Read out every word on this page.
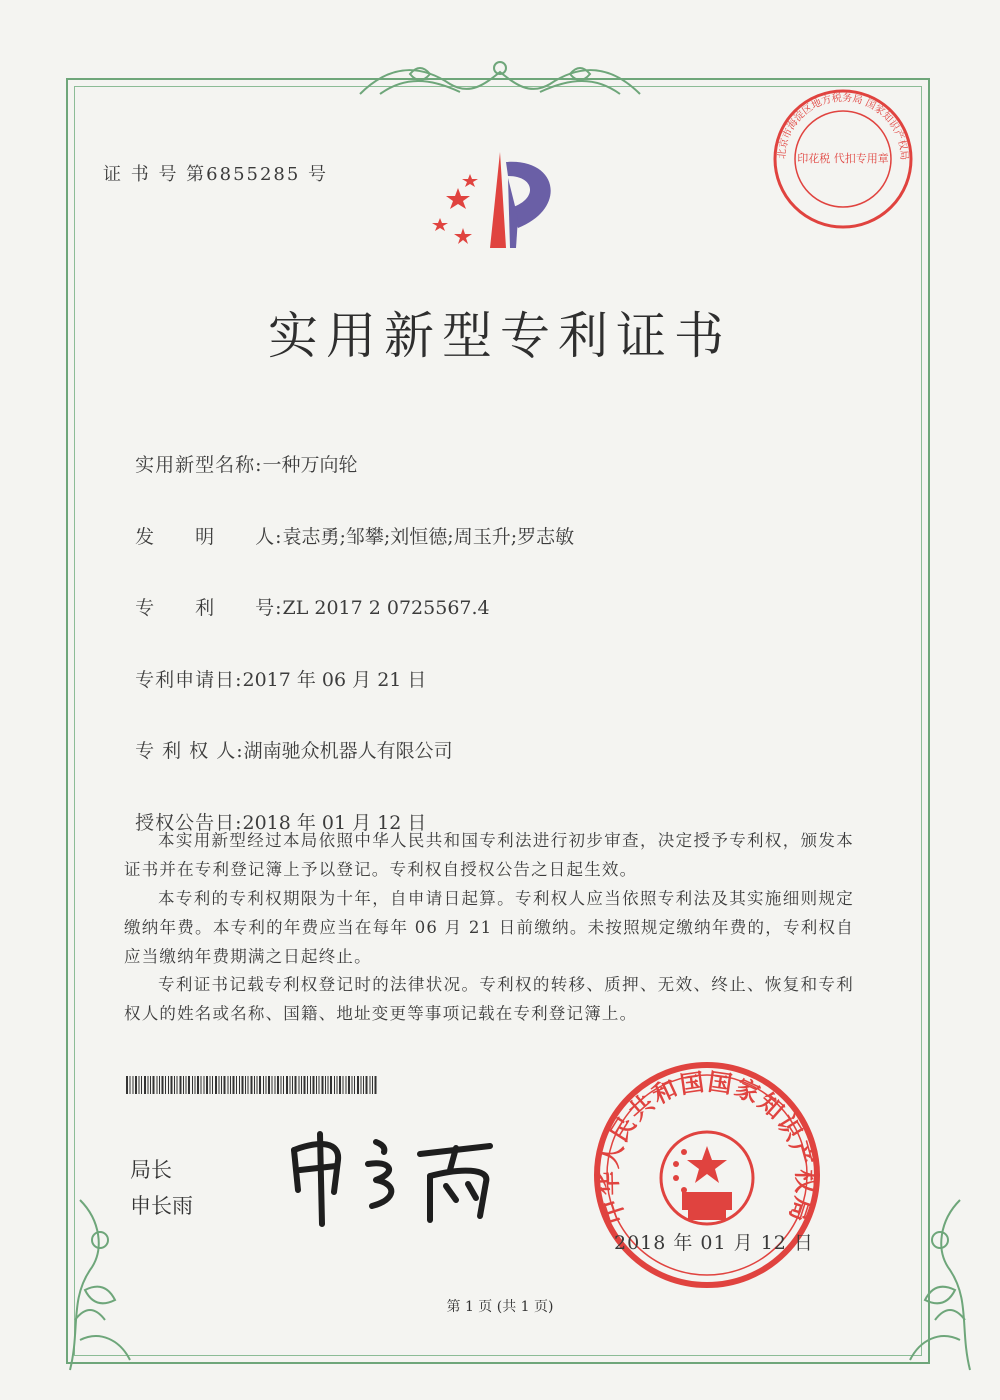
证 书 号 第6855285 号
北京市海淀区地方税务局 国家知识产权局
印花税 代扣专用章
实用新型专利证书

实用新型名称:一种万向轮

发　　明　　人:袁志勇;邹攀;刘恒德;周玉升;罗志敏

专　　利　　号:ZL 2017 2 0725567.4

专利申请日:2017 年 06 月 21 日

专 利 权 人:湖南驰众机器人有限公司

授权公告日:2018 年 01 月 12 日

本实用新型经过本局依照中华人民共和国专利法进行初步审查，决定授予专利权，颁发本证书并在专利登记簿上予以登记。专利权自授权公告之日起生效。
本专利的专利权期限为十年，自申请日起算。专利权人应当依照专利法及其实施细则规定缴纳年费。本专利的年费应当在每年 06 月 21 日前缴纳。未按照规定缴纳年费的，专利权自应当缴纳年费期满之日起终止。
专利证书记载专利权登记时的法律状况。专利权的转移、质押、无效、终止、恢复和专利权人的姓名或名称、国籍、地址变更等事项记载在专利登记簿上。
局长
申长雨	中华人民共和国国家知识产权局
2018 年 01 月 12 日
第 1 页 (共 1 页)
